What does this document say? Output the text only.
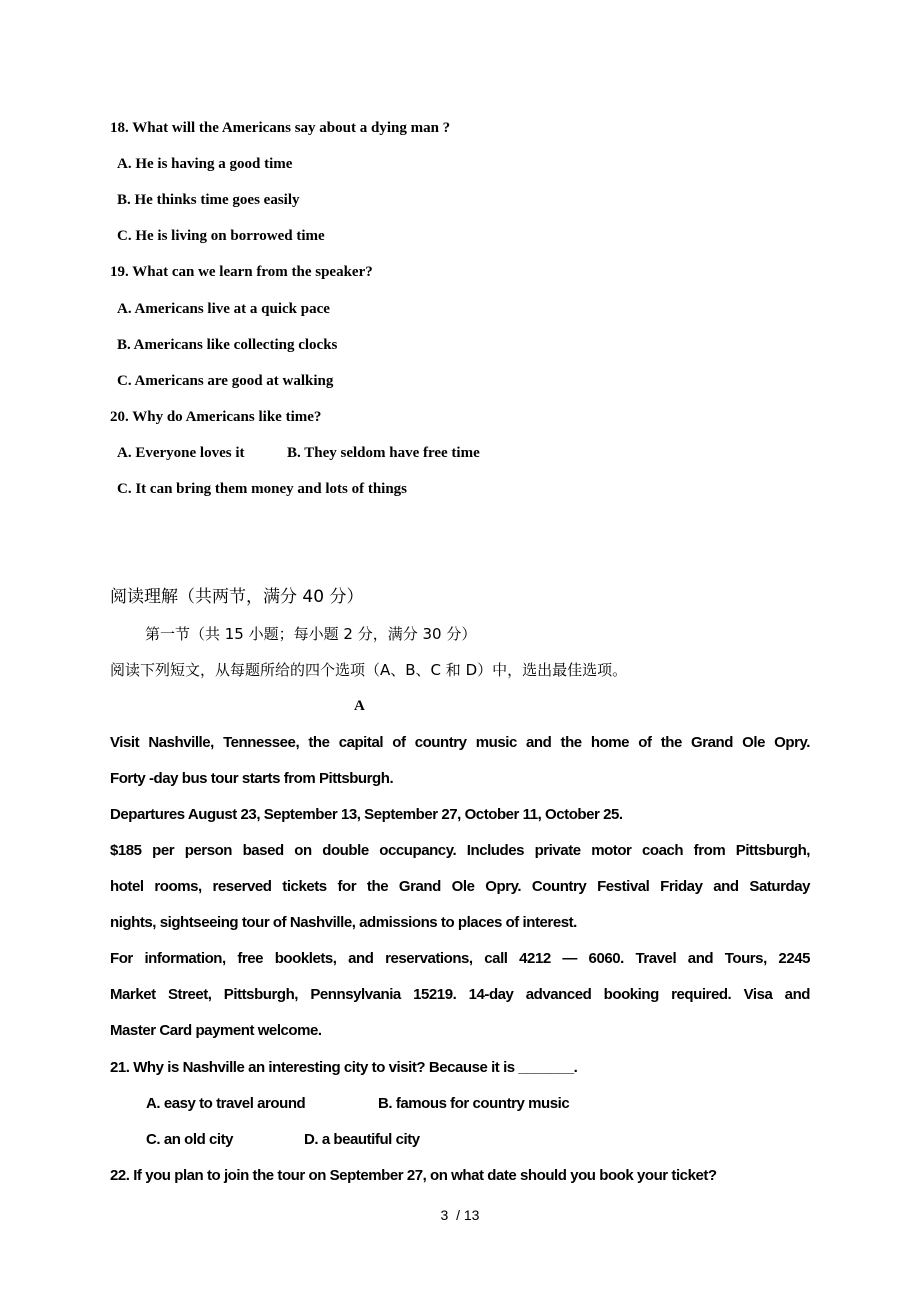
18. What will the Americans say about a dying man ?
A. He is having a good time
B. He thinks time goes easily
C. He is living on borrowed time
19. What can we learn from the speaker?
A. Americans live at a quick pace
B. Americans like collecting clocks
C. Americans are good at walking
20. Why do Americans like time?
A. Everyone loves it	B. They seldom have free time
C. It can bring them money and lots of things
阅读理解（共两节，满分 40 分）
第一节（共 15 小题；每小题 2 分，满分 30 分）
阅读下列短文，从每题所给的四个选项（A、B、C 和 D）中，选出最佳选项。
A
Visit Nashville, Tennessee, the capital of country music and the home of the Grand Ole Opry.
Forty -day bus tour starts from Pittsburgh.
Departures August 23, September 13, September 27, October 11, October 25.
$185 per person based on double occupancy. Includes private motor coach from Pittsburgh,
hotel rooms, reserved tickets for the Grand Ole Opry. Country Festival Friday and Saturday
nights, sightseeing tour of Nashville, admissions to places of interest.
For information, free booklets, and reservations, call 4212 — 6060. Travel and Tours, 2245
Market Street, Pittsburgh, Pennsylvania 15219. 14-day advanced booking required. Visa and
Master Card payment welcome.
21. Why is Nashville an interesting city to visit? Because it is _______.
A. easy to travel around	B. famous for country music
C. an old city	D. a beautiful city
22. If you plan to join the tour on September 27, on what date should you book your ticket?
3  / 13
